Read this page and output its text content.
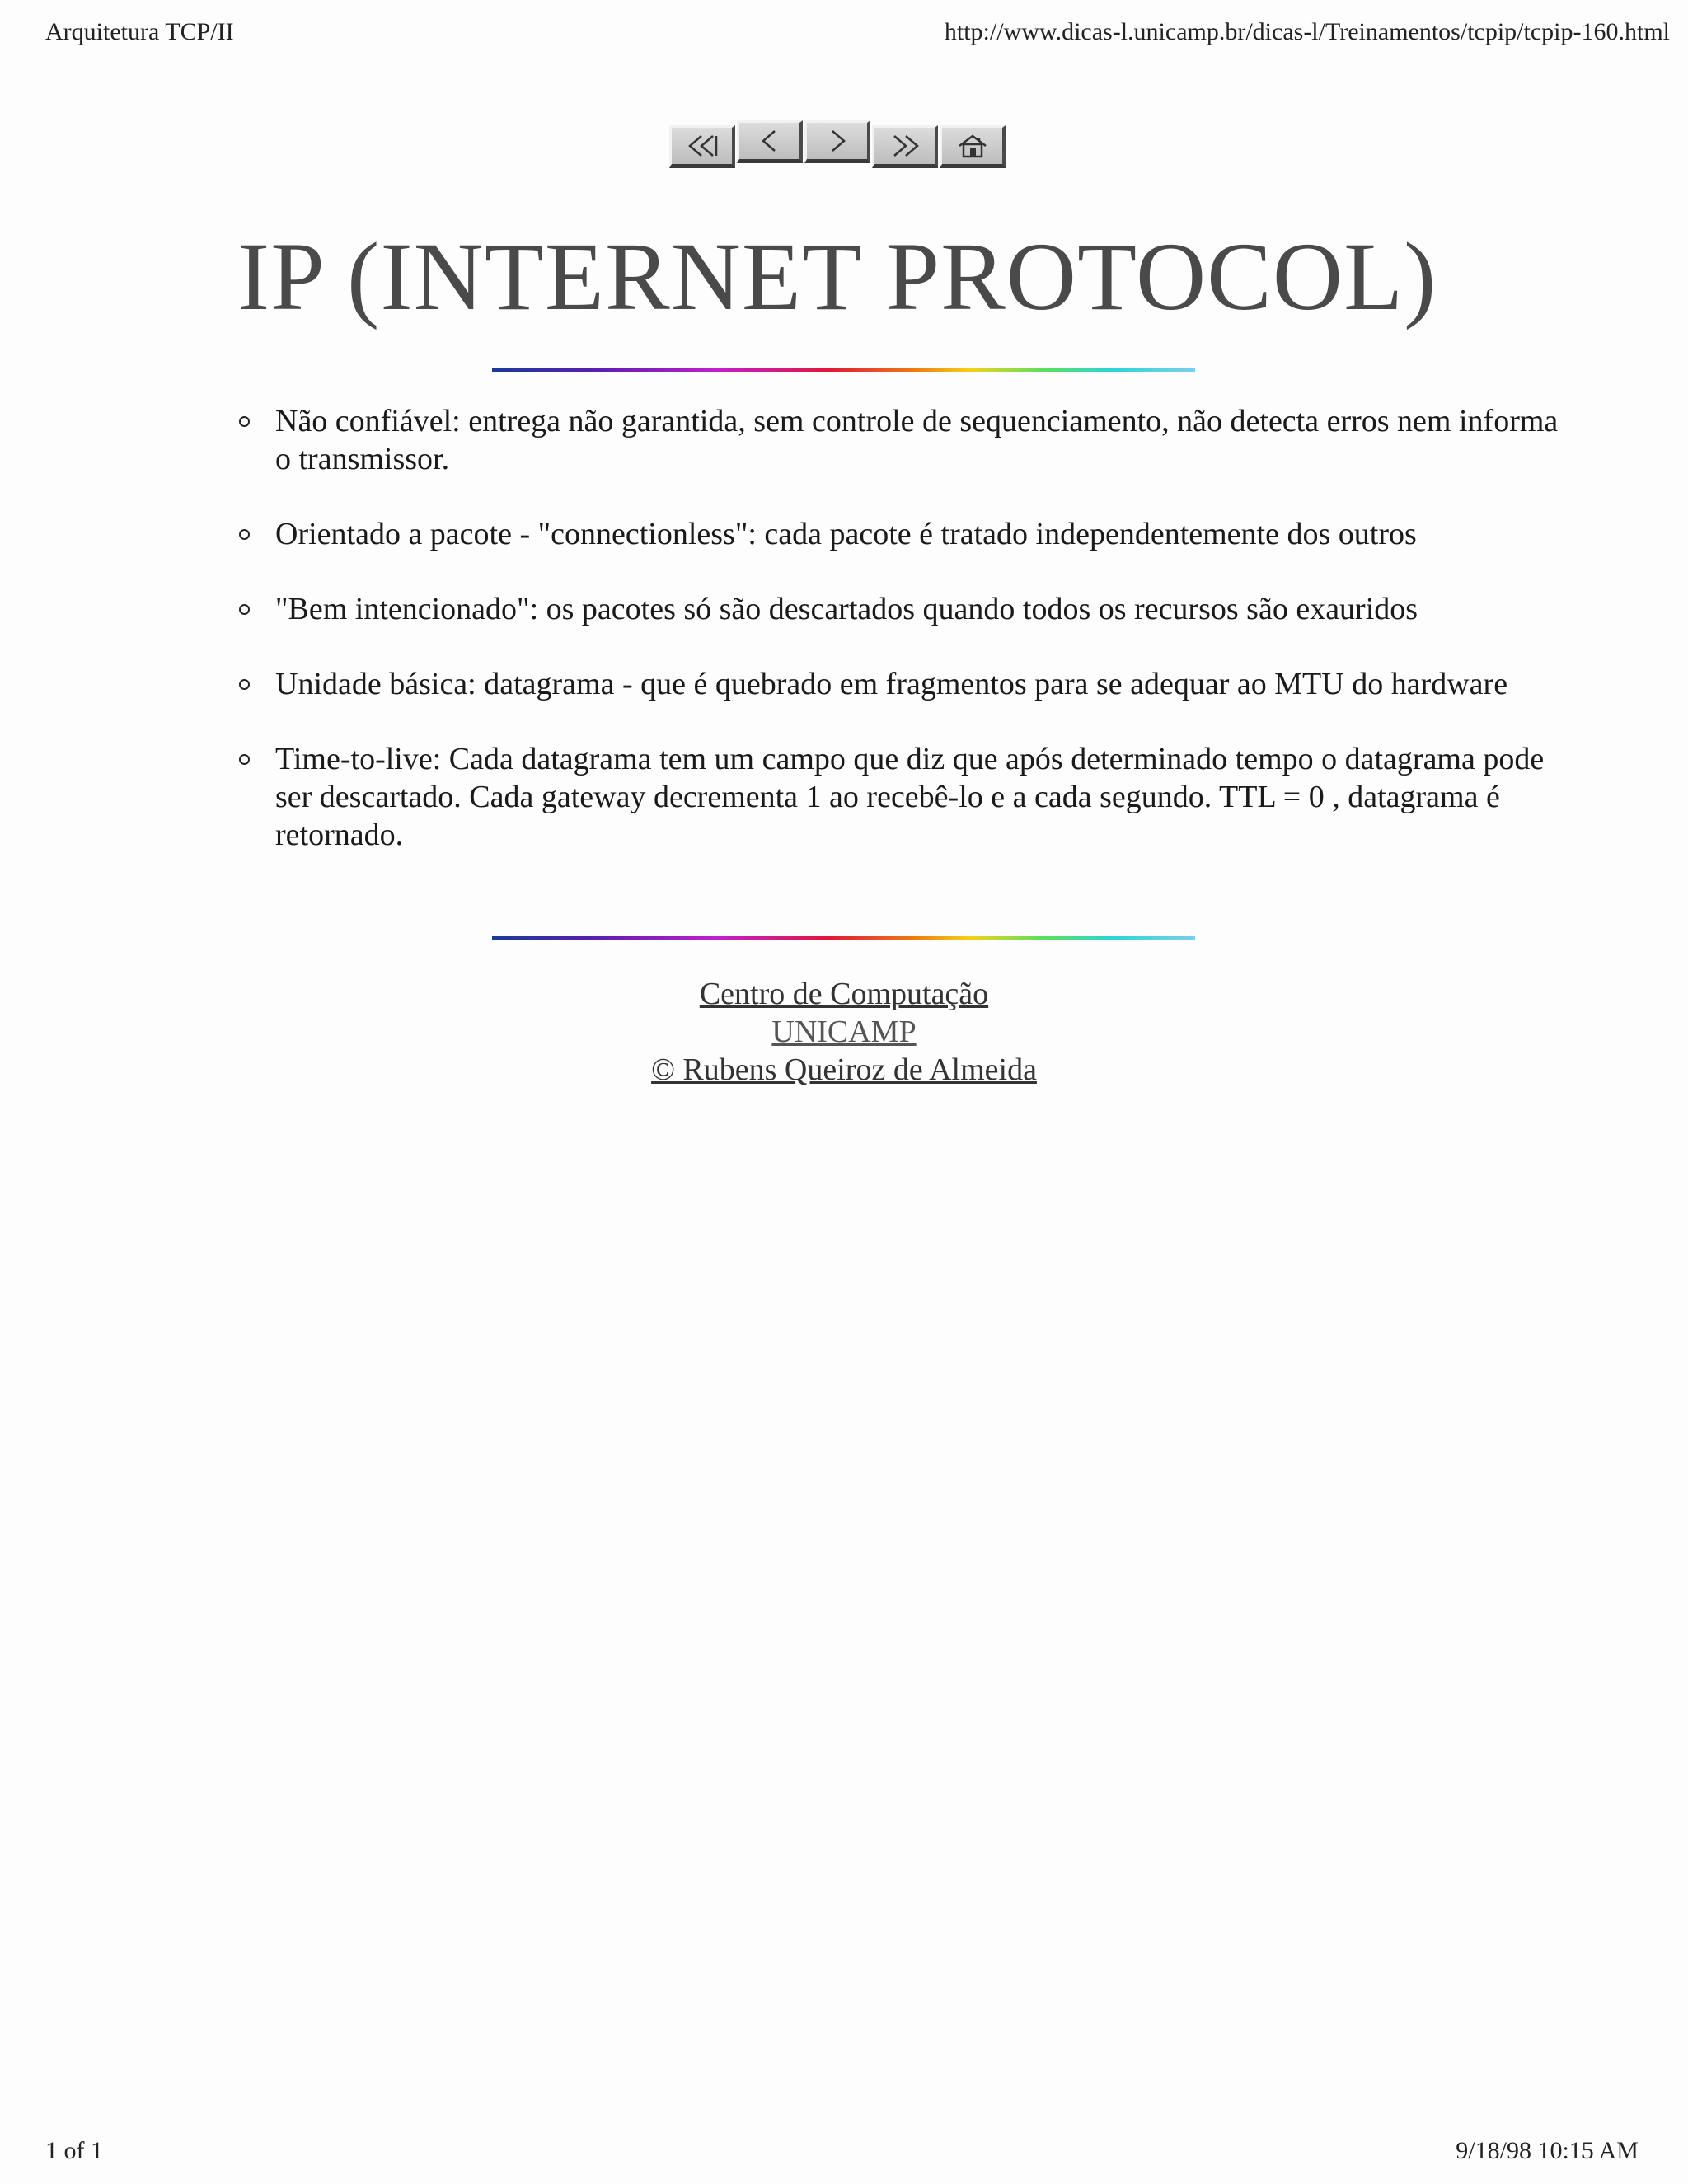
Arquitetura TCP/II	http://www.dicas-l.unicamp.br/dicas-l/Treinamentos/tcpip/tcpip-160.html
IP (INTERNET PROTOCOL)
Não confiável: entrega não garantida, sem controle de sequenciamento, não detecta erros nem informa o transmissor.
Orientado a pacote - "connectionless": cada pacote é tratado independentemente dos outros
"Bem intencionado": os pacotes só são descartados quando todos os recursos são exauridos
Unidade básica: datagrama - que é quebrado em fragmentos para se adequar ao MTU do hardware
Time-to-live: Cada datagrama tem um campo que diz que após determinado tempo o datagrama pode ser descartado. Cada gateway decrementa 1 ao recebê-lo e a cada segundo. TTL = 0 , datagrama é retornado.
Centro de Computação
UNICAMP
© Rubens Queiroz de Almeida
1 of 1	9/18/98 10:15 AM
